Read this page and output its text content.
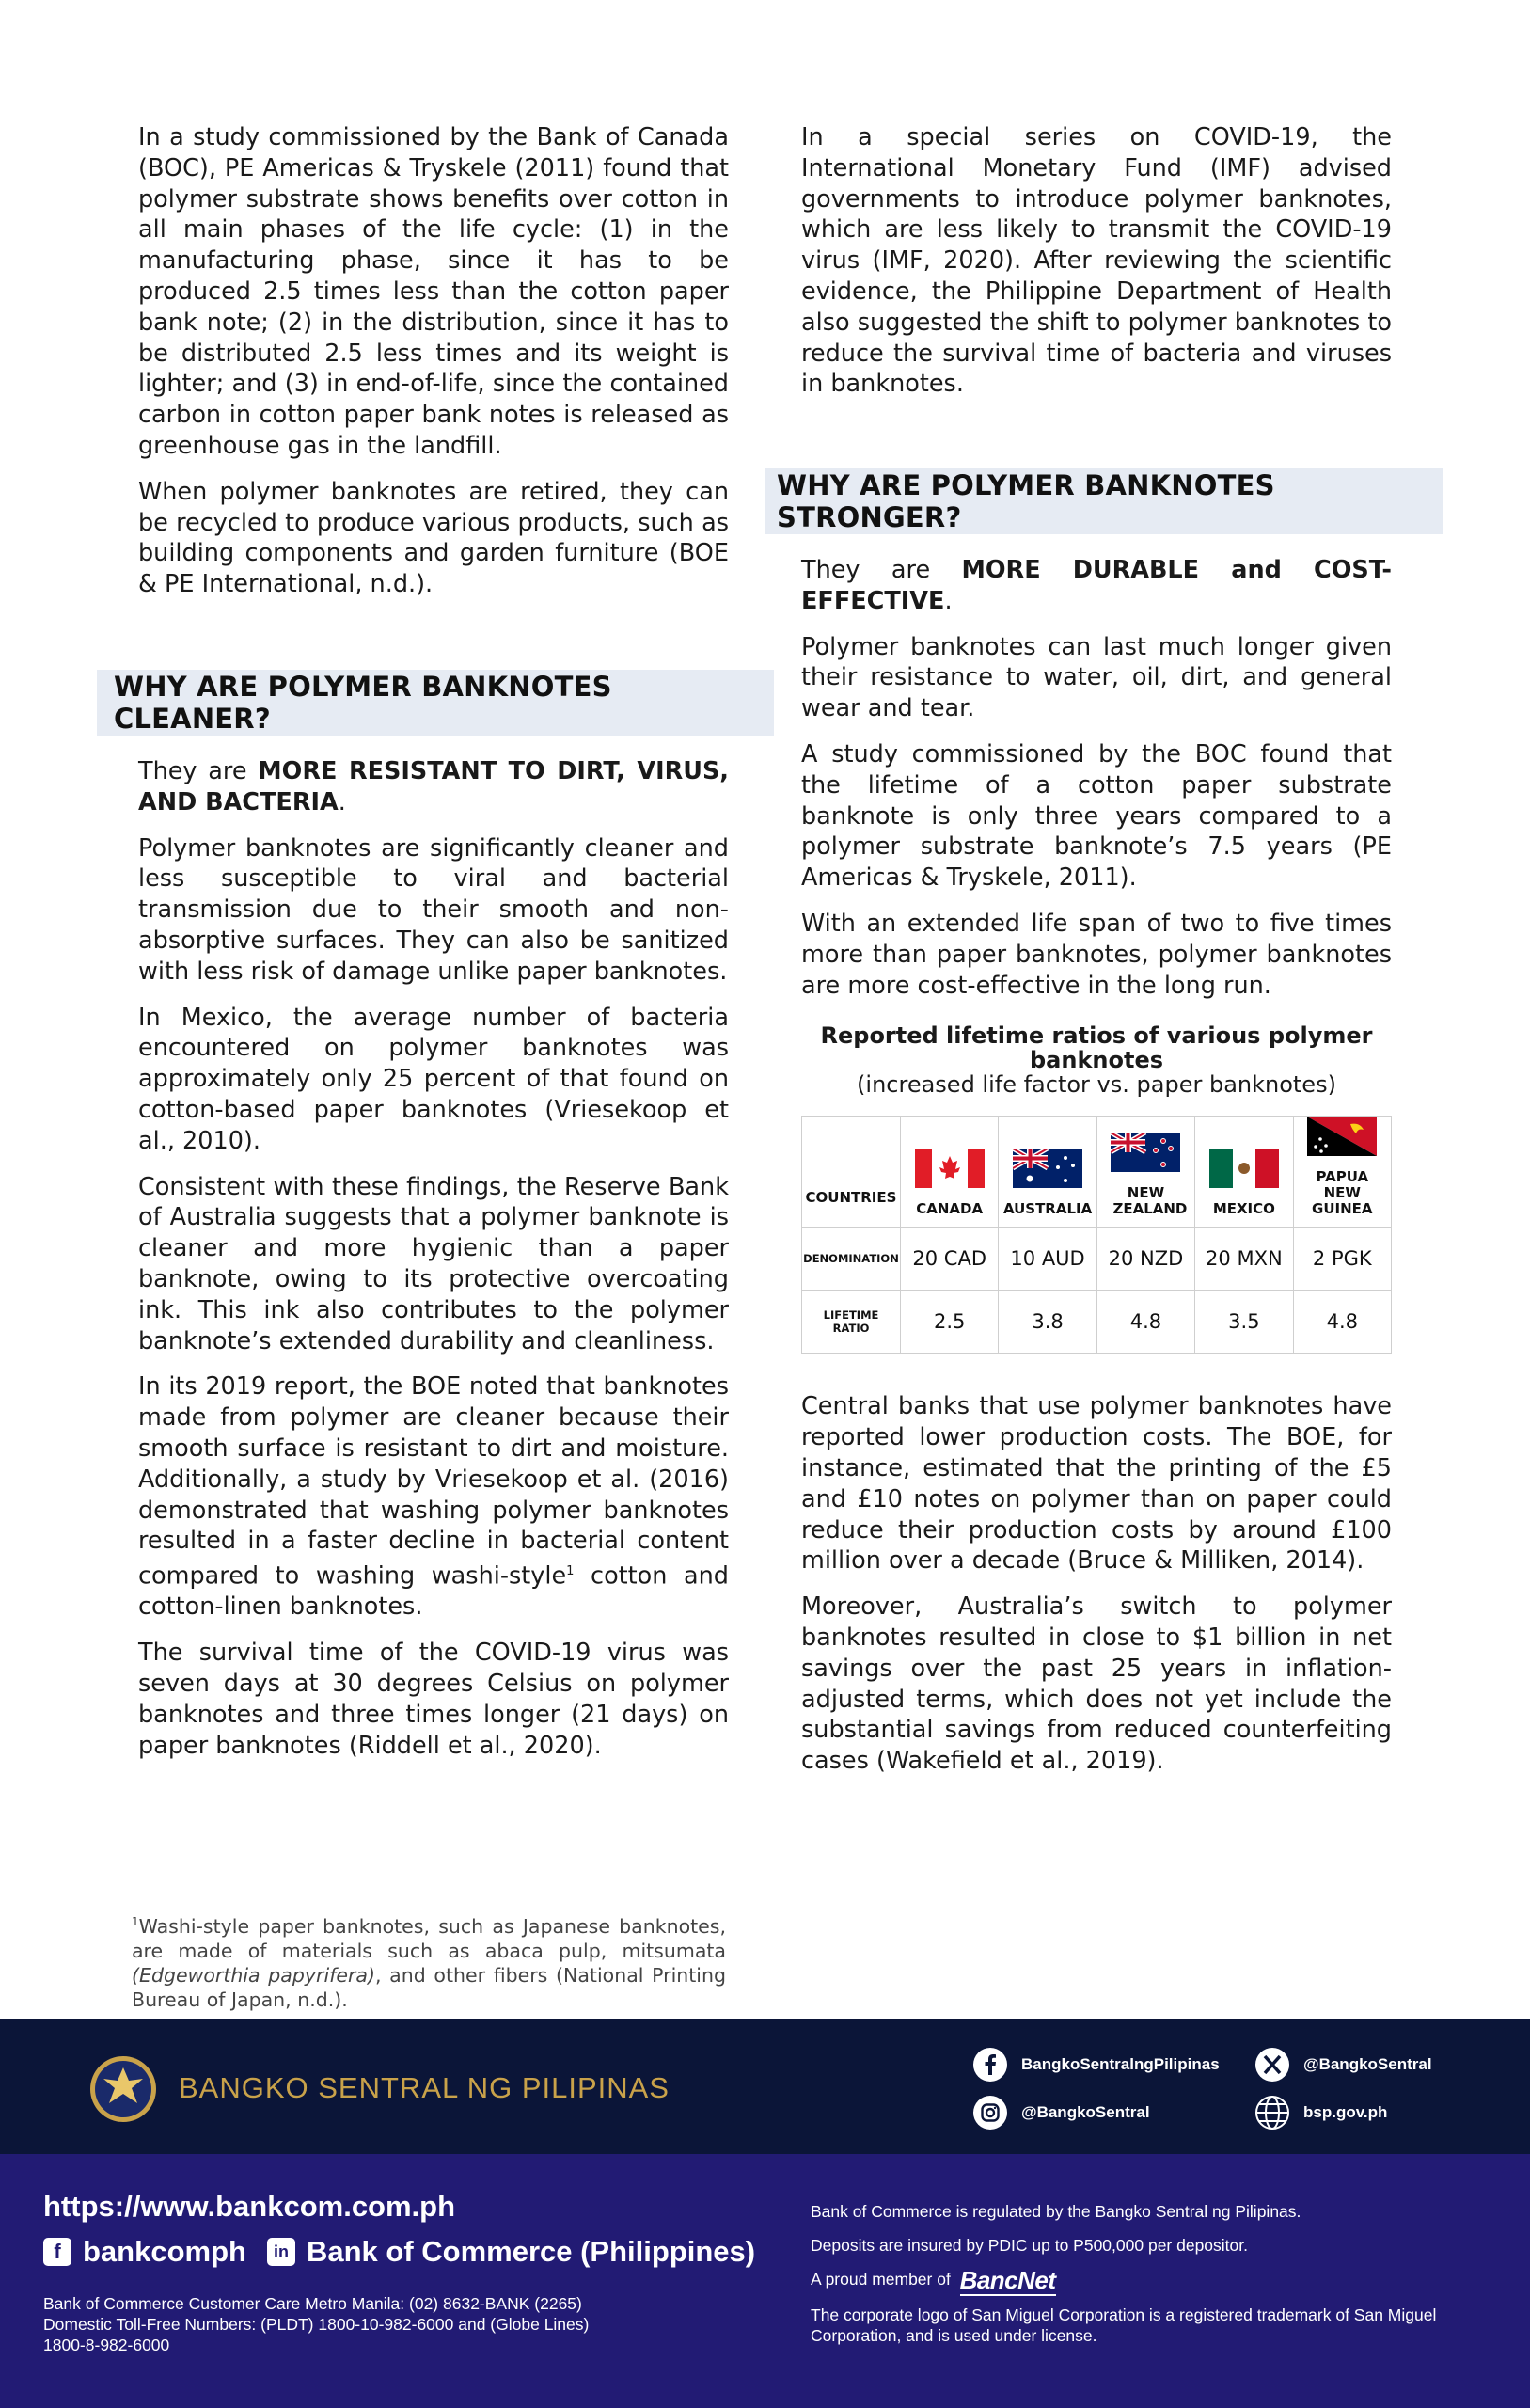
In a study commissioned by the Bank of Canada (BOC), PE Americas & Tryskele (2011) found that polymer substrate shows benefits over cotton in all main phases of the life cycle: (1) in the manufacturing phase, since it has to be produced 2.5 times less than the cotton paper bank note; (2) in the distribution, since it has to be distributed 2.5 less times and its weight is lighter; and (3) in end-of-life, since the contained carbon in cotton paper bank notes is released as greenhouse gas in the landfill.

When polymer banknotes are retired, they can be recycled to produce various products, such as building components and garden furniture (BOE & PE International, n.d.).

WHY ARE POLYMER BANKNOTES CLEANER?

They are MORE RESISTANT TO DIRT, VIRUS, AND BACTERIA.

Polymer banknotes are significantly cleaner and less susceptible to viral and bacterial transmission due to their smooth and non-absorptive surfaces. They can also be sanitized with less risk of damage unlike paper banknotes.

In Mexico, the average number of bacteria encountered on polymer banknotes was approximately only 25 percent of that found on cotton-based paper banknotes (Vriesekoop et al., 2010).

Consistent with these findings, the Reserve Bank of Australia suggests that a polymer banknote is cleaner and more hygienic than a paper banknote, owing to its protective overcoating ink. This ink also contributes to the polymer banknote’s extended durability and cleanliness.

In its 2019 report, the BOE noted that banknotes made from polymer are cleaner because their smooth surface is resistant to dirt and moisture. Additionally, a study by Vriesekoop et al. (2016) demonstrated that washing polymer banknotes resulted in a faster decline in bacterial content compared to washing washi-style$^1$ cotton and cotton-linen banknotes.

The survival time of the COVID-19 virus was seven days at 30 degrees Celsius on polymer banknotes and three times longer (21 days) on paper banknotes (Riddell et al., 2020).

$^1$Washi-style paper banknotes, such as Japanese banknotes, are made of materials such as abaca pulp, mitsumata (Edgeworthia papyrifera), and other fibers (National Printing Bureau of Japan, n.d.).

In a special series on COVID-19, the International Monetary Fund (IMF) advised governments to introduce polymer banknotes, which are less likely to transmit the COVID-19 virus (IMF, 2020). After reviewing the scientific evidence, the Philippine Department of Health also suggested the shift to polymer banknotes to reduce the survival time of bacteria and viruses in banknotes.

WHY ARE POLYMER BANKNOTES STRONGER?

They are MORE DURABLE and COST-EFFECTIVE.

Polymer banknotes can last much longer given their resistance to water, oil, dirt, and general wear and tear.

A study commissioned by the BOC found that the lifetime of a cotton paper substrate banknote is only three years compared to a polymer substrate banknote’s 7.5 years (PE Americas & Tryskele, 2011).

With an extended life span of two to five times more than paper banknotes, polymer banknotes are more cost-effective in the long run.

Reported lifetime ratios of various polymer banknotes

(increased life factor vs. paper banknotes)

COUNTRIES	CANADA	AUSTRALIA	NEW ZEALAND	MEXICO	PAPUA NEW GUINEA

DENOMINATION	20 CAD	10 AUD	20 NZD	20 MXN	2 PGK
LIFETIME RATIO	2.5	3.8	4.8	3.5	4.8

Central banks that use polymer banknotes have reported lower production costs. The BOE, for instance, estimated that the printing of the £5 and £10 notes on polymer than on paper could reduce their production costs by around £100 million over a decade (Bruce & Milliken, 2014).

Moreover, Australia’s switch to polymer banknotes resulted in close to $1 billion in net savings over the past 25 years in inflation-adjusted terms, which does not yet include the substantial savings from reduced counterfeiting cases (Wakefield et al., 2019).

BANGKO SENTRAL NG PILIPINAS
BangkoSentralngPilipinas	@BangkoSentral
@BangkoSentral	bsp.gov.ph
https://www.bankcom.com.ph
f bankcomph	in Bank of Commerce (Philippines)
Bank of Commerce Customer Care Metro Manila: (02) 8632-BANK (2265)
Domestic Toll-Free Numbers: (PLDT) 1800-10-982-6000 and (Globe Lines)
1800-8-982-6000

Bank of Commerce is regulated by the Bangko Sentral ng Pilipinas.

Deposits are insured by PDIC up to P500,000 per depositor.

A proud member of BancNet

The corporate logo of San Miguel Corporation is a registered trademark of San Miguel Corporation, and is used under license.
